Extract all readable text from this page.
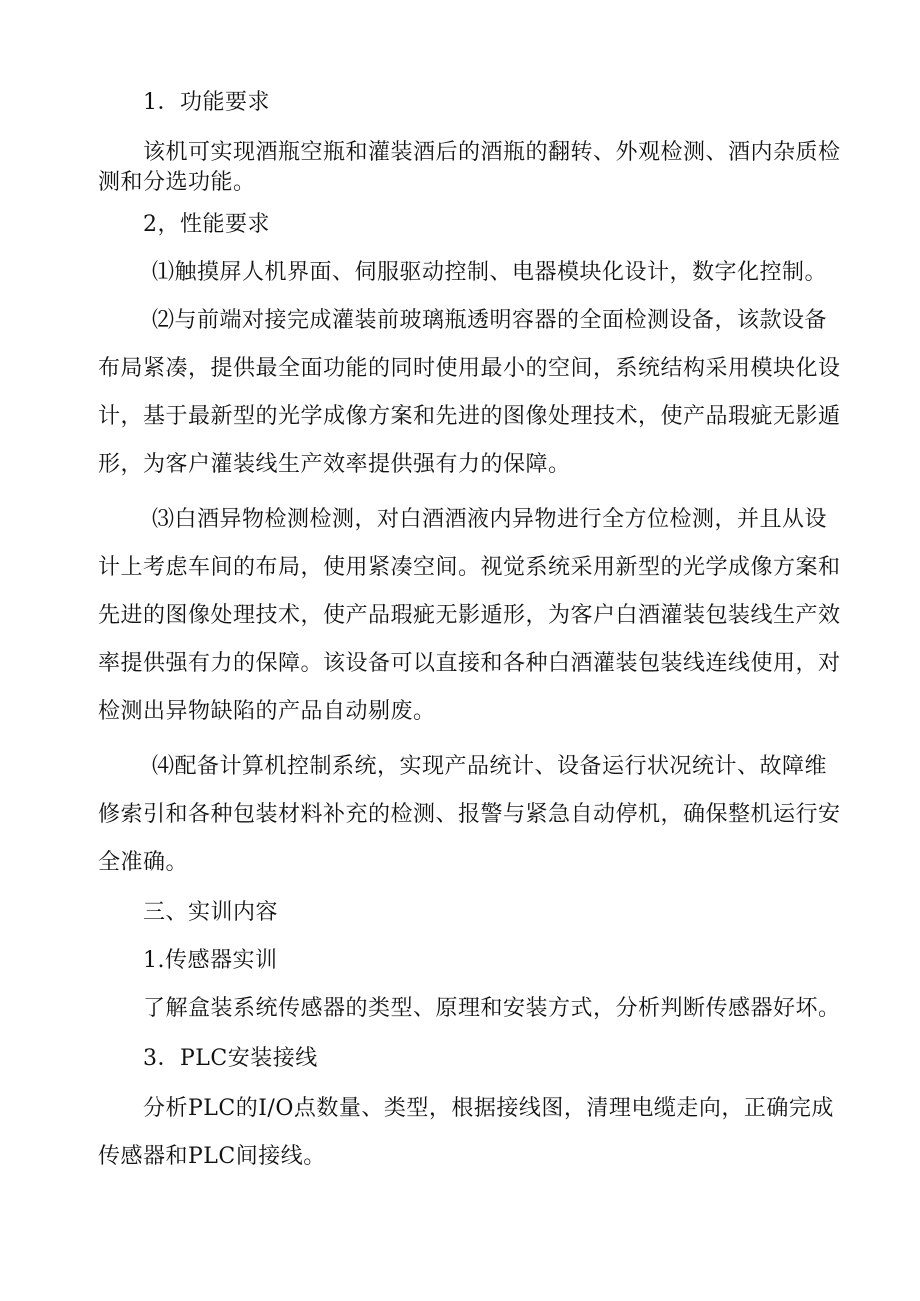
1．功能要求
该机可实现酒瓶空瓶和灌装酒后的酒瓶的翻转、外观检测、酒内杂质检
测和分选功能。
2，性能要求
⑴触摸屏人机界面、伺服驱动控制、电器模块化设计，数字化控制。
⑵与前端对接完成灌装前玻璃瓶透明容器的全面检测设备，该款设备
布局紧凑，提供最全面功能的同时使用最小的空间，系统结构采用模块化设
计，基于最新型的光学成像方案和先进的图像处理技术，使产品瑕疵无影遁
形，为客户灌装线生产效率提供强有力的保障。
⑶白酒异物检测检测，对白酒酒液内异物进行全方位检测，并且从设
计上考虑车间的布局，使用紧凑空间。视觉系统采用新型的光学成像方案和
先进的图像处理技术，使产品瑕疵无影遁形，为客户白酒灌装包装线生产效
率提供强有力的保障。该设备可以直接和各种白酒灌装包装线连线使用，对
检测出异物缺陷的产品自动剔废。
⑷配备计算机控制系统，实现产品统计、设备运行状况统计、故障维
修索引和各种包装材料补充的检测、报警与紧急自动停机，确保整机运行安
全准确。
三、实训内容
1.传感器实训
了解盒装系统传感器的类型、原理和安装方式，分析判断传感器好坏。
3．PLC安装接线
分析PLC的I/O点数量、类型，根据接线图，清理电缆走向，正确完成
传感器和PLC间接线。
